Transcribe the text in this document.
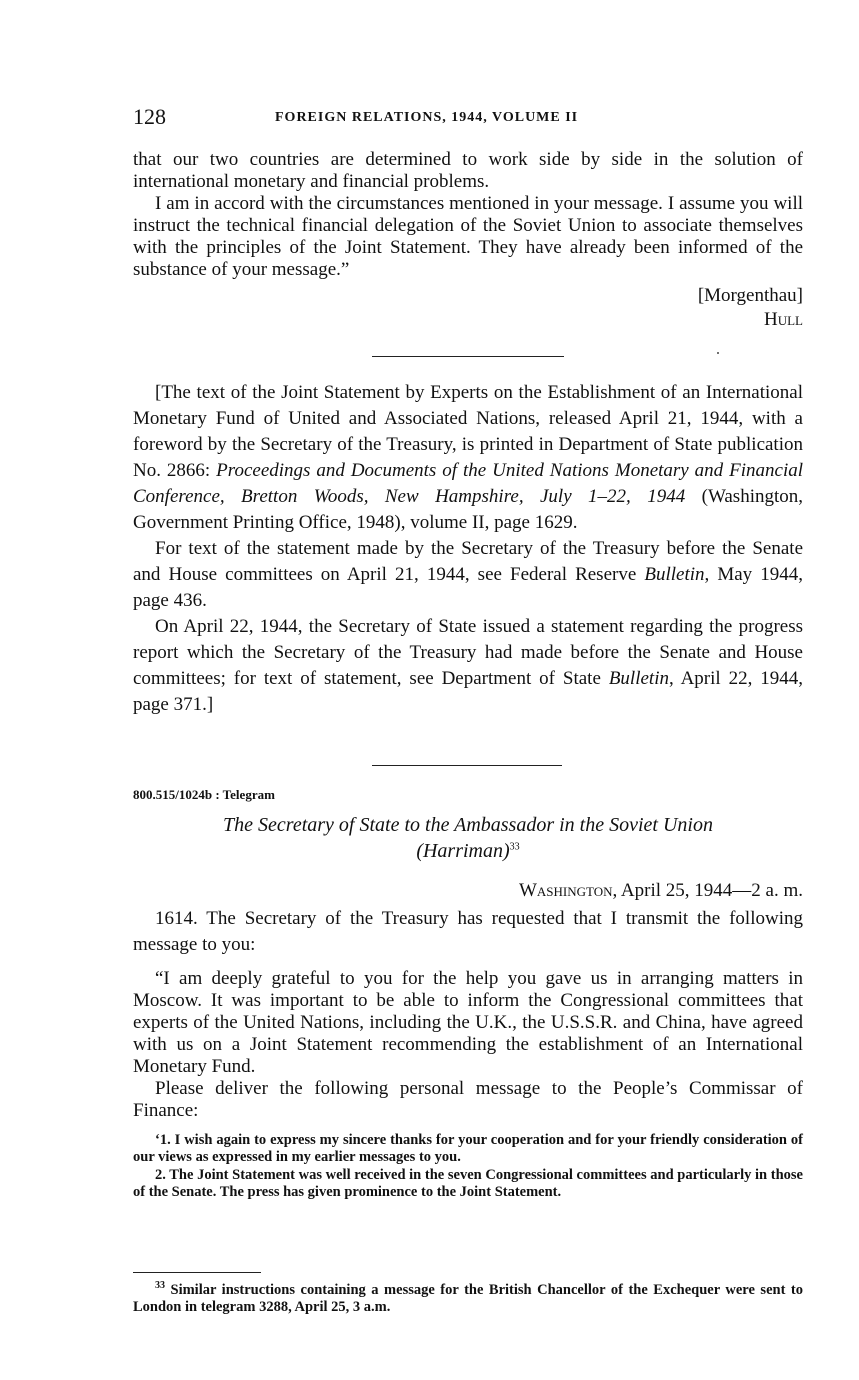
128	FOREIGN RELATIONS, 1944, VOLUME II

that our two countries are determined to work side by side in the solution of international monetary and financial problems.

I am in accord with the circumstances mentioned in your message. I assume you will instruct the technical financial delegation of the Soviet Union to associate themselves with the principles of the Joint Statement. They have already been informed of the substance of your message.”

[Morgenthau]

Hull

[The text of the Joint Statement by Experts on the Establishment of an International Monetary Fund of United and Associated Nations, released April 21, 1944, with a foreword by the Secretary of the Treasury, is printed in Department of State publication No. 2866: Proceedings and Documents of the United Nations Monetary and Financial Conference, Bretton Woods, New Hampshire, July 1–22, 1944 (Washington, Government Printing Office, 1948), volume II, page 1629.

For text of the statement made by the Secretary of the Treasury before the Senate and House committees on April 21, 1944, see Federal Reserve Bulletin, May 1944, page 436.

On April 22, 1944, the Secretary of State issued a statement regarding the progress report which the Secretary of the Treasury had made before the Senate and House committees; for text of statement, see Department of State Bulletin, April 22, 1944, page 371.]

800.515/1024b : Telegram
The Secretary of State to the Ambassador in the Soviet Union
(Harriman)$^{33}$

Washington, April 25, 1944—2 a. m.

1614. The Secretary of the Treasury has requested that I transmit the following message to you:

“I am deeply grateful to you for the help you gave us in arranging matters in Moscow. It was important to be able to inform the Congressional committees that experts of the United Nations, including the U.K., the U.S.S.R. and China, have agreed with us on a Joint Statement recommending the establishment of an International Monetary Fund.

Please deliver the following personal message to the People’s Commissar of Finance:

‘1. I wish again to express my sincere thanks for your cooperation and for your friendly consideration of our views as expressed in my earlier messages to you.

2. The Joint Statement was well received in the seven Congressional committees and particularly in those of the Senate. The press has given prominence to the Joint Statement.

$^{33}$ Similar instructions containing a message for the British Chancellor of the Exchequer were sent to London in telegram 3288, April 25, 3 a.m.
